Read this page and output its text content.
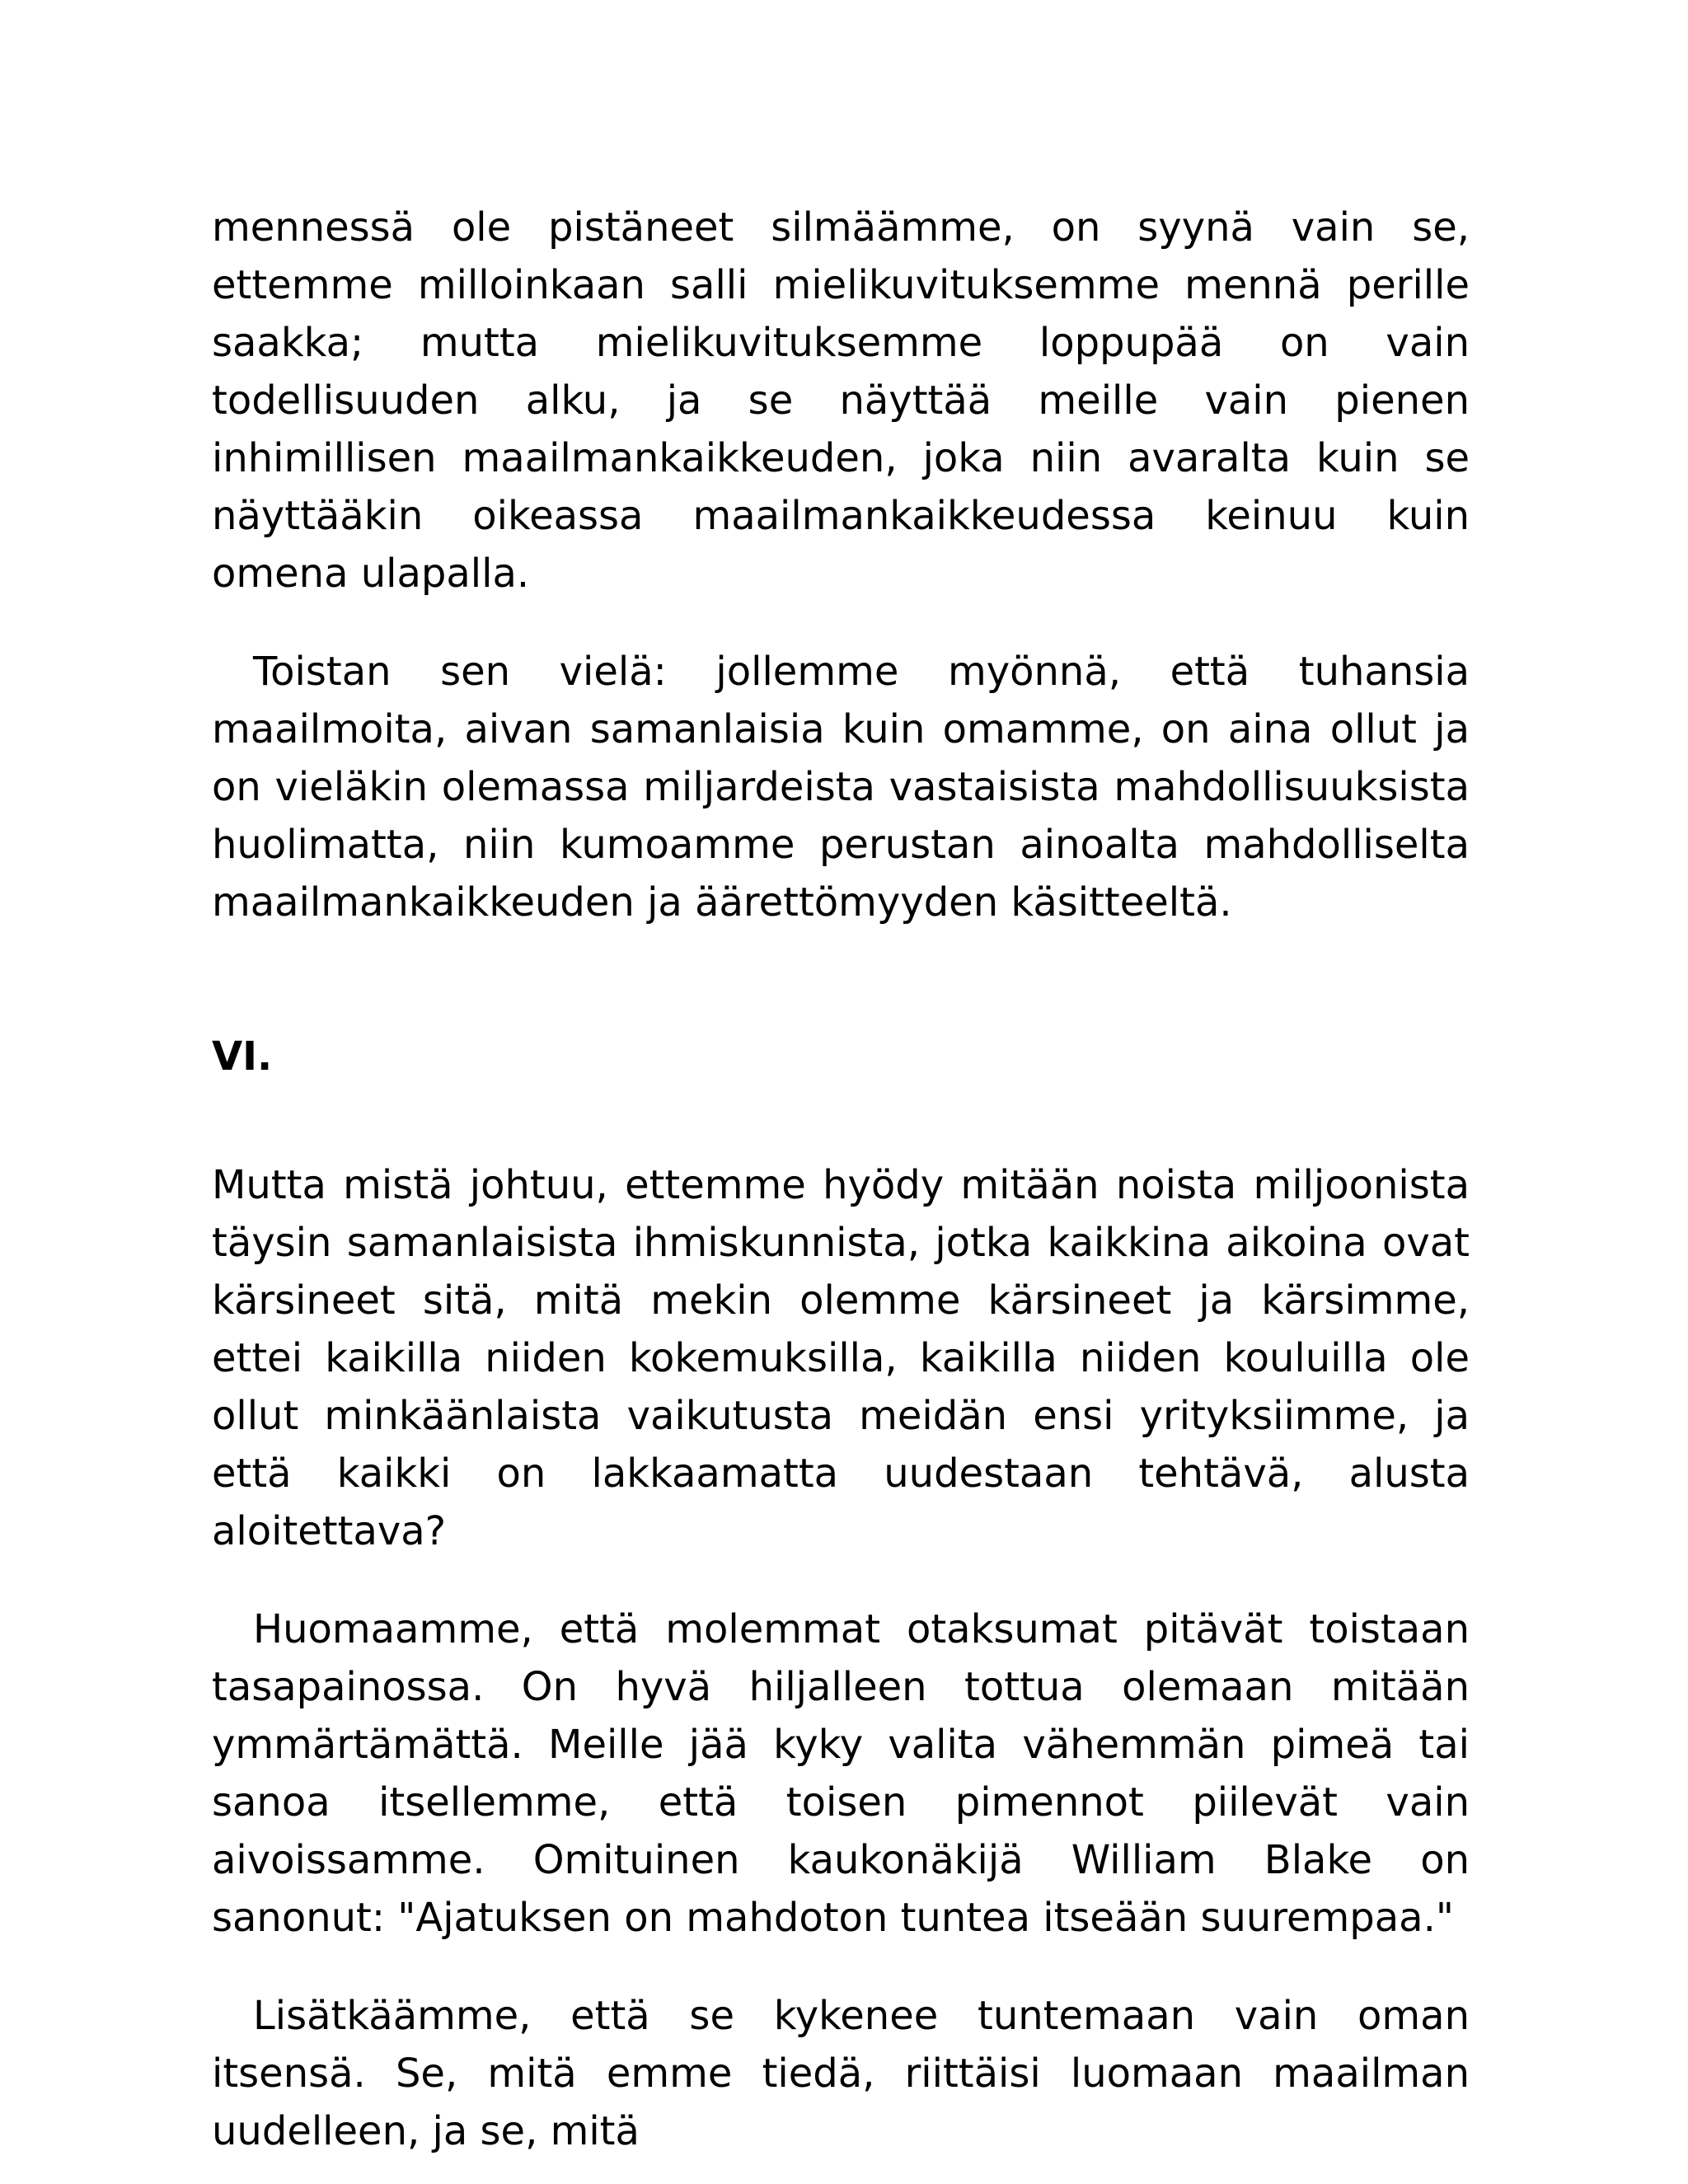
mennessä ole pistäneet silmäämme, on syynä vain se, ettemme milloinkaan salli mielikuvituksemme mennä perille saakka; mutta mielikuvituksemme loppupää on vain todellisuuden alku, ja se näyttää meille vain pienen inhimillisen maailmankaikkeuden, joka niin avaralta kuin se näyttääkin oikeassa maailmankaikkeudessa keinuu kuin omena ulapalla.

Toistan sen vielä: jollemme myönnä, että tuhansia maailmoita, aivan samanlaisia kuin omamme, on aina ollut ja on vieläkin olemassa miljardeista vastaisista mahdollisuuksista huolimatta, niin kumoamme perustan ainoalta mahdolliselta maailmankaikkeuden ja äärettömyyden käsitteeltä.

VI.

Mutta mistä johtuu, ettemme hyödy mitään noista miljoonista täysin samanlaisista ihmiskunnista, jotka kaikkina aikoina ovat kärsineet sitä, mitä mekin olemme kärsineet ja kärsimme, ettei kaikilla niiden kokemuksilla, kaikilla niiden kouluilla ole ollut minkäänlaista vaikutusta meidän ensi yrityksiimme, ja että kaikki on lakkaamatta uudestaan tehtävä, alusta aloitettava?

Huomaamme, että molemmat otaksumat pitävät toistaan tasapainossa. On hyvä hiljalleen tottua olemaan mitään ymmärtämättä. Meille jää kyky valita vähemmän pimeä tai sanoa itsellemme, että toisen pimennot piilevät vain aivoissamme. Omituinen kaukonäkijä William Blake on sanonut: "Ajatuksen on mahdoton tuntea itseään suurempaa."

Lisätkäämme, että se kykenee tuntemaan vain oman itsensä. Se, mitä emme tiedä, riittäisi luomaan maailman uudelleen, ja se, mitä
